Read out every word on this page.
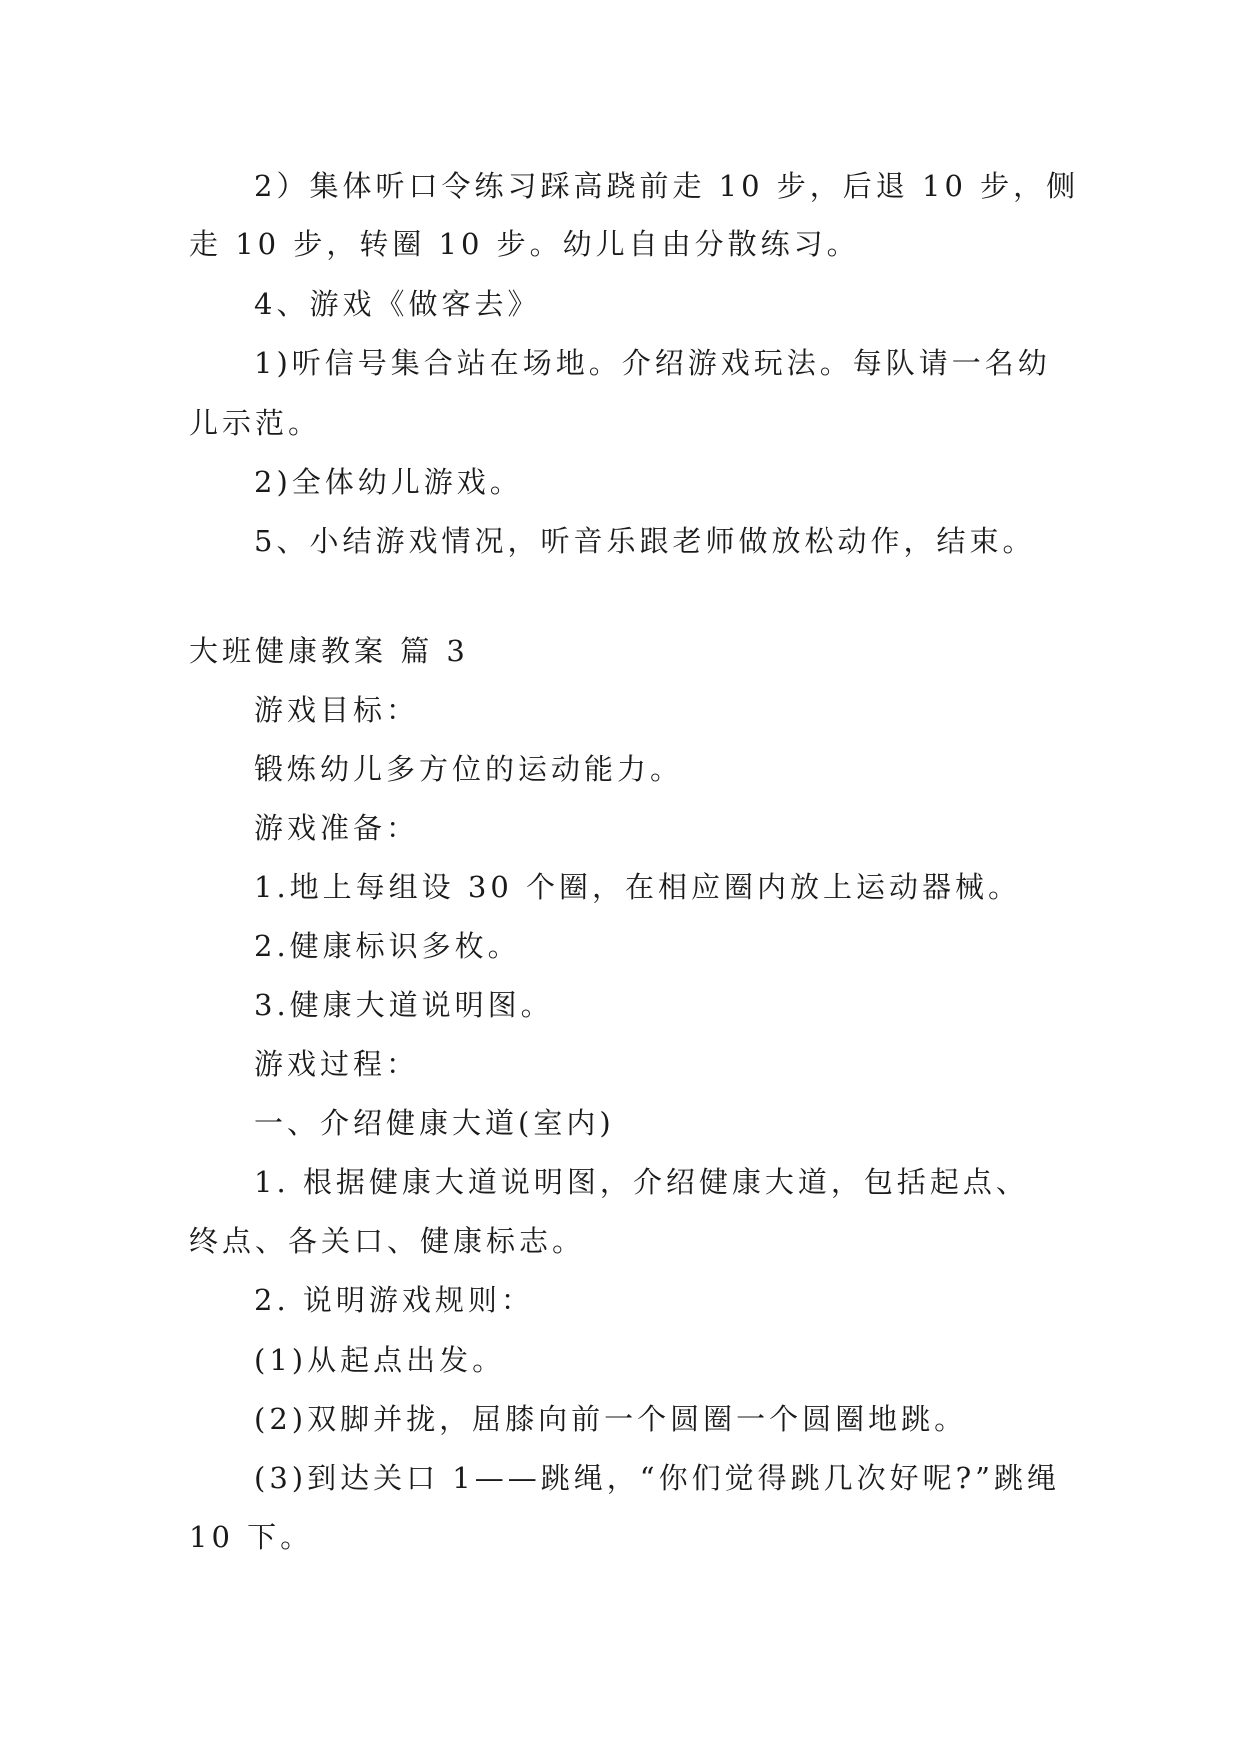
2）集体听口令练习踩高跷前走 10 步，后退 10 步，侧
走 10 步，转圈 10 步。幼儿自由分散练习。
4、游戏《做客去》
1)听信号集合站在场地。介绍游戏玩法。每队请一名幼
儿示范。
2)全体幼儿游戏。
5、小结游戏情况，听音乐跟老师做放松动作，结束。
大班健康教案 篇 3
游戏目标：
锻炼幼儿多方位的运动能力。
游戏准备：
1.地上每组设 30 个圈，在相应圈内放上运动器械。
2.健康标识多枚。
3.健康大道说明图。
游戏过程：
一、介绍健康大道(室内)
1. 根据健康大道说明图，介绍健康大道，包括起点、
终点、各关口、健康标志。
2. 说明游戏规则：
(1)从起点出发。
(2)双脚并拢，屈膝向前一个圆圈一个圆圈地跳。
(3)到达关口 1——跳绳，“你们觉得跳几次好呢?”跳绳
10 下。
